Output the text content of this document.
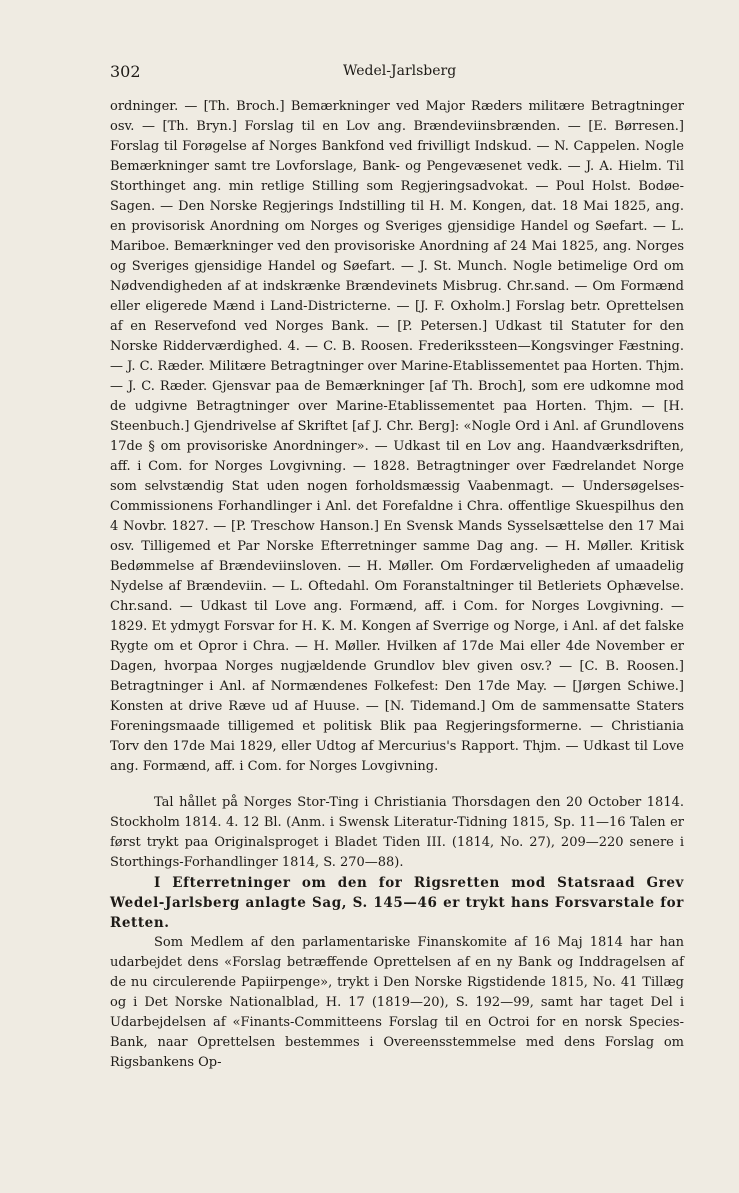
302	Wedel-Jarlsberg

ordninger. — [Th. Broch.] Bemærkninger ved Major Ræders militære Betragtninger osv. — [Th. Bryn.] Forslag til en Lov ang. Brændeviinsbrænden. — [E. Børresen.] Forslag til Forøgelse af Norges Bankfond ved frivilligt Indskud. — N. Cappelen. Nogle Bemærkninger samt tre Lovforslage, Bank- og Pengevæsenet vedk. — J. A. Hielm. Til Storthinget ang. min retlige Stilling som Regjeringsadvokat. — Poul Holst. Bodøe-Sagen. — Den Norske Regjerings Indstilling til H. M. Kongen, dat. 18 Mai 1825, ang. en provisorisk Anordning om Norges og Sveriges gjensidige Handel og Søefart. — L. Mariboe. Bemærkninger ved den provisoriske Anordning af 24 Mai 1825, ang. Norges og Sveriges gjensidige Handel og Søefart. — J. St. Munch. Nogle betimelige Ord om Nødvendigheden af at indskrænke Brændevinets Misbrug. Chr.sand. — Om Formænd eller eligerede Mænd i Land-Districterne. — [J. F. Oxholm.] Forslag betr. Oprettelsen af en Reservefond ved Norges Bank. — [P. Petersen.] Udkast til Statuter for den Norske Ridderværdighed. 4. — C. B. Roosen. Frederikssteen—Kongsvinger Fæstning. — J. C. Ræder. Militære Betragtninger over Marine-Etablissementet paa Horten. Thjm. — J. C. Ræder. Gjensvar paa de Bemærkninger [af Th. Broch], som ere udkomne mod de udgivne Betragtninger over Marine-Etablissementet paa Horten. Thjm. — [H. Steenbuch.] Gjendrivelse af Skriftet [af J. Chr. Berg]: «Nogle Ord i Anl. af Grundlovens 17de § om provisoriske Anordninger». — Udkast til en Lov ang. Haandværksdriften, aff. i Com. for Norges Lovgivning. — 1828. Betragtninger over Fædrelandet Norge som selvstændig Stat uden nogen forholdsmæssig Vaabenmagt. — Undersøgelses-Commissionens Forhandlinger i Anl. det Forefaldne i Chra. offentlige Skuespilhus den 4 Novbr. 1827. — [P. Treschow Hanson.] En Svensk Mands Sysselsættelse den 17 Mai osv. Tilligemed et Par Norske Efterretninger samme Dag ang. — H. Møller. Kritisk Bedømmelse af Brændeviinsloven. — H. Møller. Om Fordærveligheden af umaadelig Nydelse af Brændeviin. — L. Oftedahl. Om Foranstaltninger til Betleriets Ophævelse. Chr.sand. — Udkast til Love ang. Formænd, aff. i Com. for Norges Lovgivning. — 1829. Et ydmygt Forsvar for H. K. M. Kongen af Sverrige og Norge, i Anl. af det falske Rygte om et Opror i Chra. — H. Møller. Hvilken af 17de Mai eller 4de November er Dagen, hvorpaa Norges nugjældende Grundlov blev given osv.? — [C. B. Roosen.] Betragtninger i Anl. af Normændenes Folkefest: Den 17de May. — [Jørgen Schiwe.] Konsten at drive Ræve ud af Huuse. — [N. Tidemand.] Om de sammensatte Staters Foreningsmaade tilligemed et politisk Blik paa Regjeringsformerne. — Christiania Torv den 17de Mai 1829, eller Udtog af Mercurius's Rapport. Thjm. — Udkast til Love ang. Formænd, aff. i Com. for Norges Lovgivning.

Tal hållet på Norges Stor-Ting i Christiania Thorsdagen den 20 October 1814. Stockholm 1814. 4. 12 Bl. (Anm. i Swensk Literatur-Tidning 1815, Sp. 11—16 Talen er først trykt paa Originalsproget i Bladet Tiden III. (1814, No. 27), 209—220 senere i Storthings-Forhandlinger 1814, S. 270—88).

I Efterretninger om den for Rigsretten mod Statsraad Grev Wedel-Jarlsberg anlagte Sag, S. 145—46 er trykt hans Forsvarstale for Retten.

Som Medlem af den parlamentariske Finanskomite af 16 Maj 1814 har han udarbejdet dens «Forslag betræffende Oprettelsen af en ny Bank og Inddragelsen af de nu circulerende Papiirpenge», trykt i Den Norske Rigstidende 1815, No. 41 Tillæg og i Det Norske Nationalblad, H. 17 (1819—20), S. 192—99, samt har taget Del i Udarbejdelsen af «Finants-Committeens Forslag til en Octroi for en norsk Species-Bank, naar Oprettelsen bestemmes i Overeensstemmelse med dens Forslag om Rigsbankens Op-
